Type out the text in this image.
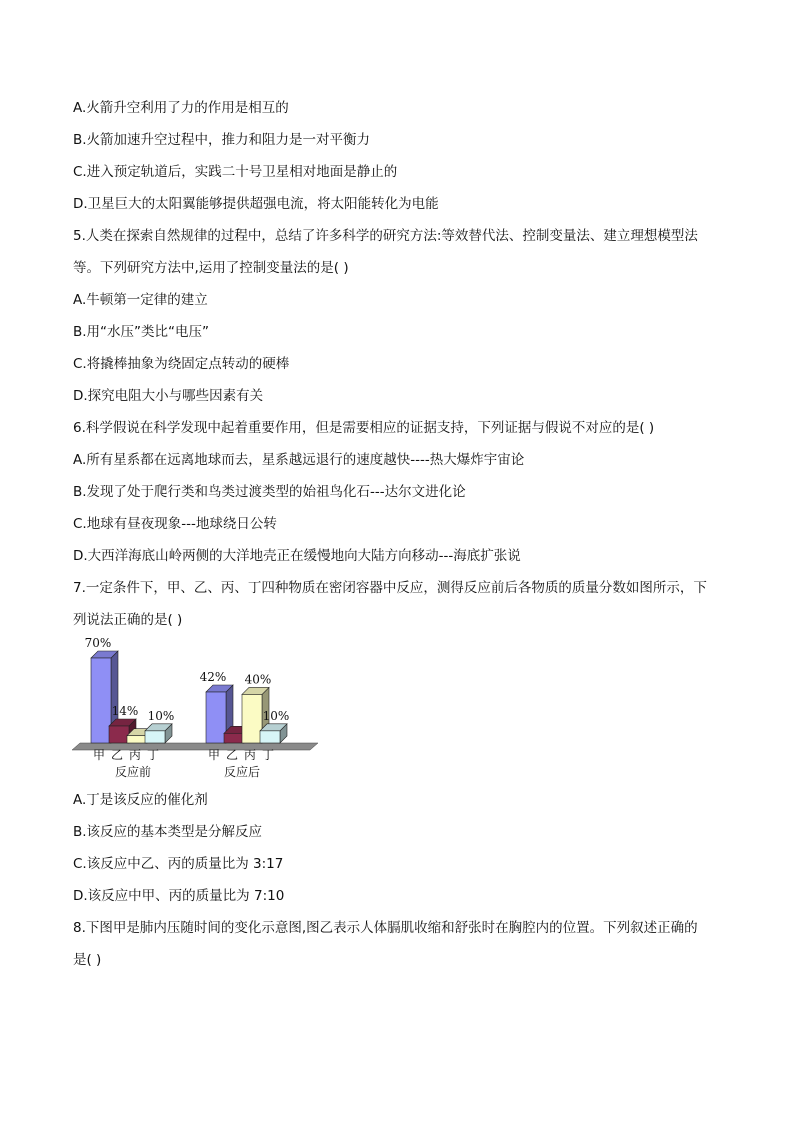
A.火箭升空利用了力的作用是相互的
B.火箭加速升空过程中，推力和阻力是一对平衡力
C.进入预定轨道后，实践二十号卫星相对地面是静止的
D.卫星巨大的太阳翼能够提供超强电流，将太阳能转化为电能
5.人类在探索自然规律的过程中，总结了许多科学的研究方法:等效替代法、控制变量法、建立理想模型法
等。下列研究方法中,运用了控制变量法的是( )
A.牛顿第一定律的建立
B.用“水压”类比“电压”
C.将撬棒抽象为绕固定点转动的硬棒
D.探究电阻大小与哪些因素有关
6.科学假说在科学发现中起着重要作用，但是需要相应的证据支持，下列证据与假说不对应的是( )
A.所有星系都在远离地球而去，星系越远退行的速度越快----热大爆炸宇宙论
B.发现了处于爬行类和鸟类过渡类型的始祖鸟化石---达尔文进化论
C.地球有昼夜现象---地球绕日公转
D.大西洋海底山岭两侧的大洋地壳正在缓慢地向大陆方向移动---海底扩张说
7.一定条件下，甲、乙、丙、丁四种物质在密闭容器中反应，测得反应前后各物质的质量分数如图所示，下
列说法正确的是( )
A.丁是该反应的催化剂
B.该反应的基本类型是分解反应
C.该反应中乙、丙的质量比为 3:17
D.该反应中甲、丙的质量比为 7:10
8.下图甲是肺内压随时间的变化示意图,图乙表示人体膈肌收缩和舒张时在胸腔内的位置。下列叙述正确的
是( )
70%
14% 10%
42% 40%
10%
甲 乙 丙 丁	甲 乙 丙 丁
反应前	反应后
